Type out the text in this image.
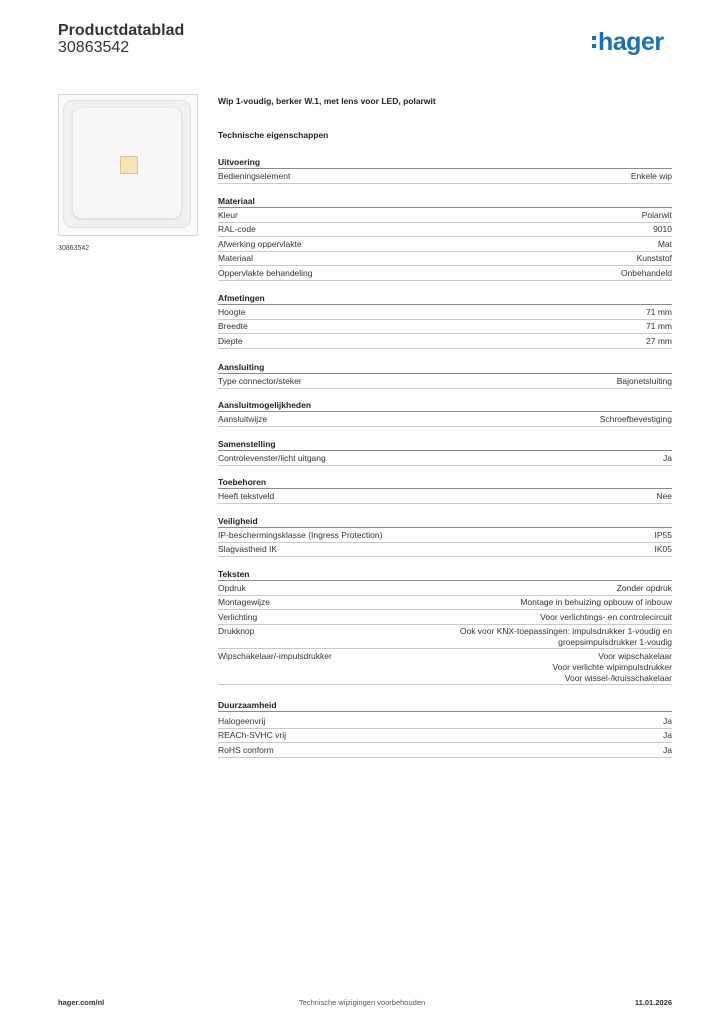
Productdatablad
30863542	hager
30863542
Wip 1-voudig, berker W.1, met lens voor LED, polarwit
Technische eigenschappen
Uitvoering
Bedieningselement	Enkele wip
Materiaal
Kleur	Polarwit
RAL-code	9010
Afwerking oppervlakte	Mat
Materiaal	Kunststof
Oppervlakte behandeling	Onbehandeld
Afmetingen
Hoogte	71 mm
Breedte	71 mm
Diepte	27 mm
Aansluiting
Type connector/steker	Bajonetsluiting
Aansluitmogelijkheden
Aansluitwijze	Schroefbevestiging
Samenstelling
Controlevenster/licht uitgang	Ja
Toebehoren
Heeft tekstveld	Nee
Veiligheid
IP-beschermingsklasse (Ingress Protection)	IP55
Slagvastheid IK	IK05
Teksten
Opdruk	Zonder opdruk
Montagewijze	Montage in behuizing opbouw of inbouw
Verlichting	Voor verlichtings- en controlecircuit
Drukknop	Ook voor KNX-toepassingen: impulsdrukker 1-voudig en
groepsimpulsdrukker 1-voudig
Wipschakelaar/-impulsdrukker	Voor wipschakelaar
Voor verlichte wipimpulsdrukker
Voor wissel-/kruisschakelaar
Duurzaamheid
Halogeenvrij	Ja
REACh-SVHC vrij	Ja
RoHS conform	Ja
hager.com/nl	Technische wijzigingen voorbehouden	11.01.2026
